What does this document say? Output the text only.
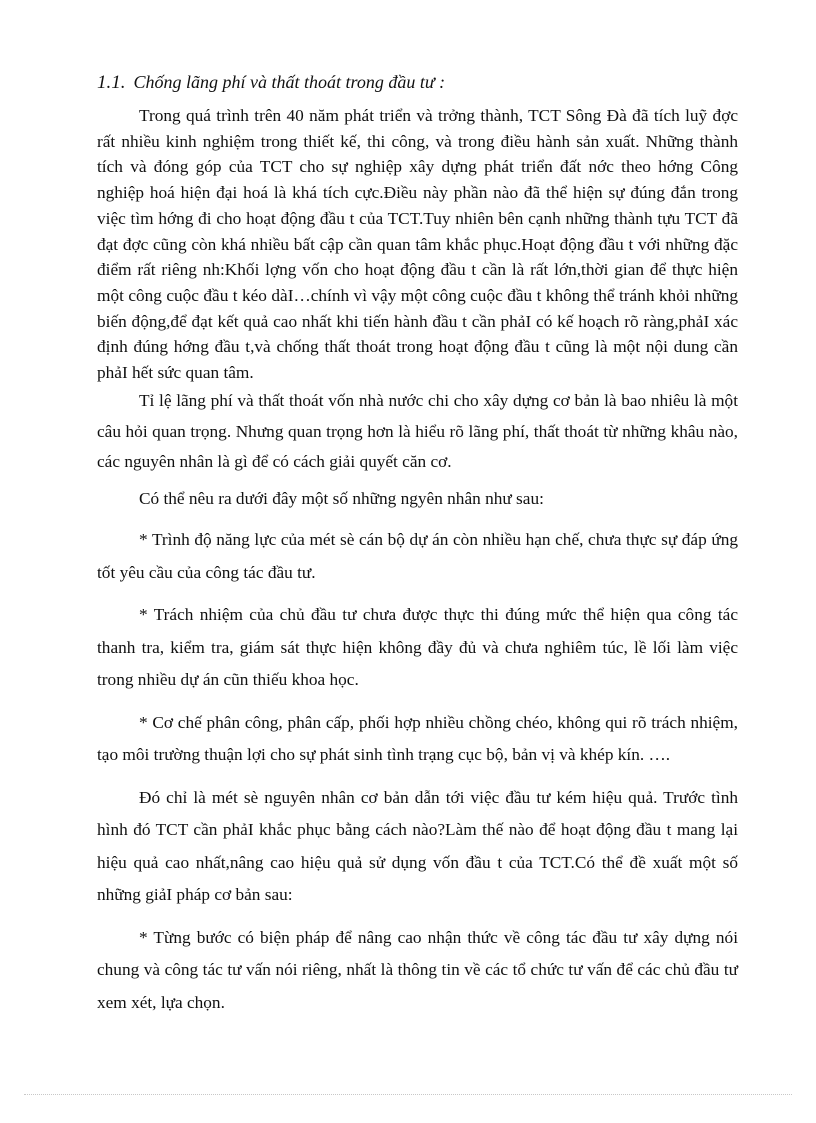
1.1. Chống lãng phí và thất thoát trong đầu tư :

Trong quá trình trên 40 năm phát triển và trởng thành, TCT Sông Đà đã tích luỹ đợc rất nhiều kinh nghiệm trong thiết kế, thi công, và trong điều hành sản xuất. Những thành tích và đóng góp của TCT cho sự nghiệp xây dựng phát triển đất nớc theo hớng Công nghiệp hoá hiện đại hoá là khá tích cực.Điều này phần nào đã thể hiện sự đúng đắn trong việc tìm hớng đi cho hoạt động đầu t của TCT.Tuy nhiên bên cạnh những thành tựu TCT đã đạt đợc cũng còn khá nhiều bất cập cần quan tâm khắc phục.Hoạt động đầu t với những đặc điểm rất riêng nh:Khối lợng vốn cho hoạt động đầu t cần là rất lớn,thời gian để thực hiện một công cuộc đầu t kéo dàI…chính vì vậy một công cuộc đầu t không thể tránh khỏi những biến động,để đạt kết quả cao nhất khi tiến hành đầu t cần phảI có kế hoạch rõ ràng,phảI xác định đúng hớng đầu t,và chống thất thoát trong hoạt động đầu t cũng là một nội dung cần phảI hết sức quan tâm.

Tỉ lệ lãng phí và thất thoát vốn nhà nước chi cho xây dựng cơ bản là bao nhiêu là một câu hỏi quan trọng. Nhưng quan trọng hơn là hiểu rõ lãng phí, thất thoát từ những khâu nào, các nguyên nhân là gì để có cách giải quyết căn cơ.

Có thể nêu ra dưới đây một số những ngyên nhân như sau:

* Trình độ năng lực của mét sè cán bộ dự án còn nhiều hạn chế, chưa thực sự đáp ứng tốt yêu cầu của công tác đầu tư.

* Trách nhiệm của chủ đầu tư chưa được thực thi đúng mức thể hiện qua công tác thanh tra, kiểm tra, giám sát thực hiện không đầy đủ và chưa nghiêm túc, lề lối làm việc trong nhiều dự án cũn thiếu khoa học.

* Cơ chế phân công, phân cấp, phối hợp nhiều chồng chéo, không qui rõ trách nhiệm, tạo môi trường thuận lợi cho sự phát sinh tình trạng cục bộ, bản vị và khép kín. ….

Đó chỉ là mét sè nguyên nhân cơ bản dẫn tới việc đầu tư kém hiệu quả. Trước tình hình đó TCT cần phảI khắc phục bằng cách nào?Làm thế nào để hoạt động đầu t mang lại hiệu quả cao nhất,nâng cao hiệu quả sử dụng vốn đầu t của TCT.Có thể đề xuất một số những giảI pháp cơ bản sau:

* Từng bước có biện pháp để nâng cao nhận thức về công tác đầu tư xây dựng nói chung và công tác tư vấn nói riêng, nhất là thông tin về các tổ chức tư vấn để các chủ đầu tư xem xét, lựa chọn.
